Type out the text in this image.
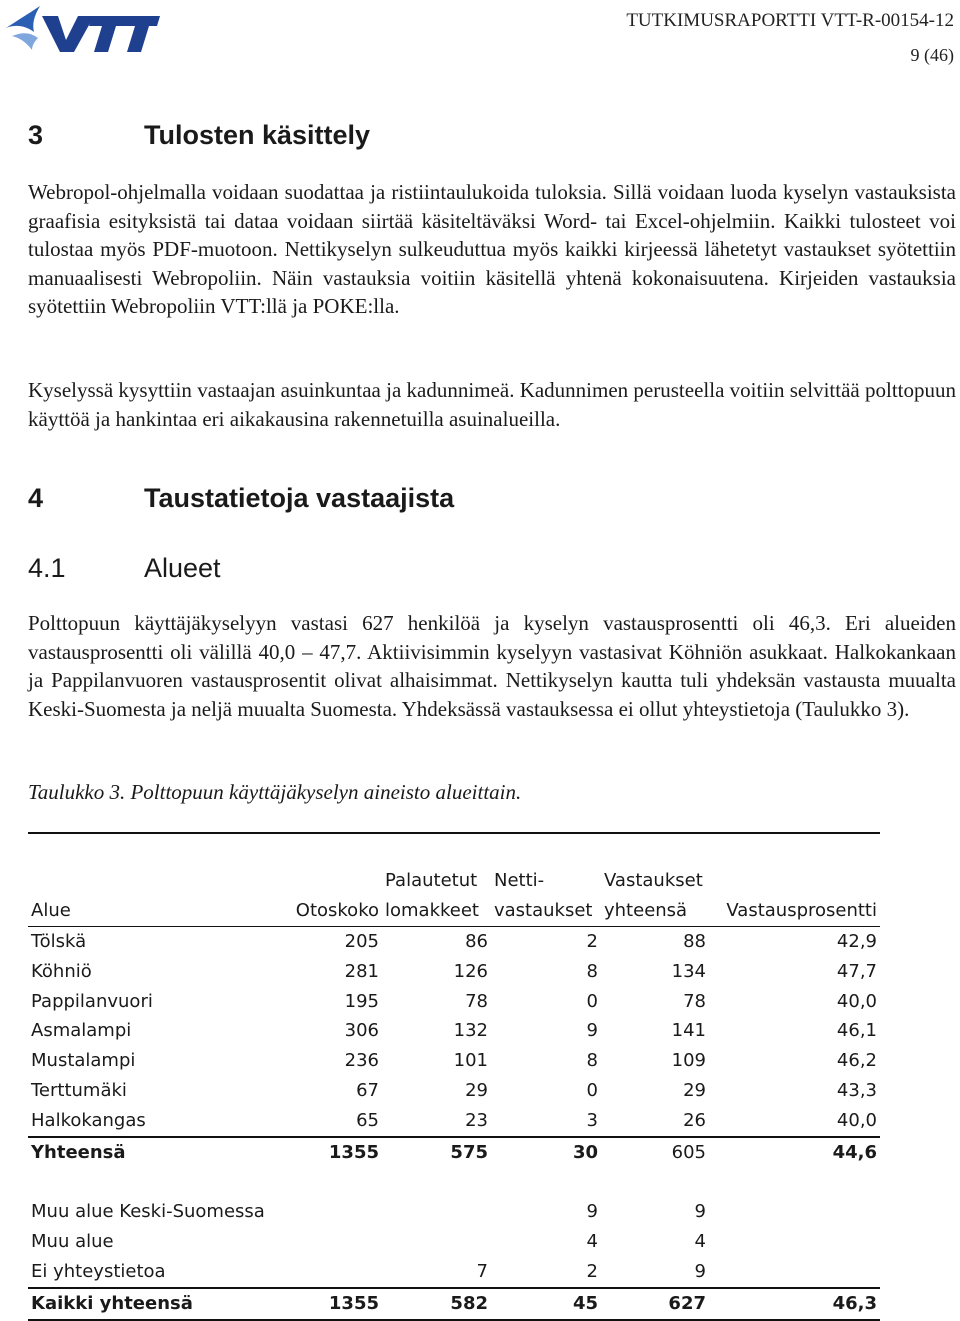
TUTKIMUSRAPORTTI VTT-R-00154-12
9 (46)
3	Tulosten käsittely

Webropol-ohjelmalla voidaan suodattaa ja ristiintaulukoida tuloksia. Sillä voidaan luoda kyselyn vastauksista graafisia esityksistä tai dataa voidaan siirtää käsiteltäväksi Word- tai Excel-ohjelmiin. Kaikki tulosteet voi tulostaa myös PDF-muotoon. Nettikyselyn sulkeuduttua myös kaikki kirjeessä lähetetyt vastaukset syötettiin manuaalisesti Webropoliin. Näin vastauksia voitiin käsitellä yhtenä kokonaisuutena. Kirjeiden vastauksia syötettiin Webropoliin VTT:llä ja POKE:lla.

Kyselyssä kysyttiin vastaajan asuinkuntaa ja kadunnimeä. Kadunnimen perusteella voitiin selvittää polttopuun käyttöä ja hankintaa eri aikakausina rakennetuilla asuinalueilla.

4	Taustatietoja vastaajista
4.1	Alueet

Polttopuun käyttäjäkyselyyn vastasi 627 henkilöä ja kyselyn vastausprosentti oli 46,3. Eri alueiden vastausprosentti oli välillä 40,0 – 47,7. Aktiivisimmin kyselyyn vastasivat Köhniön asukkaat. Halkokankaan ja Pappilanvuoren vastausprosentit olivat alhaisimmat. Nettikyselyn kautta tuli yhdeksän vastausta muualta Keski-Suomesta ja neljä muualta Suomesta. Yhdeksässä vastauksessa ei ollut yhteystietoja (Taulukko 3).

Taulukko 3. Polttopuun käyttäjäkyselyn aineisto alueittain.

		Palautetut	Netti-	Vastaukset	
Alue	Otoskoko	lomakkeet	vastaukset	yhteensä	Vastausprosentti
Tölskä	205	86	2	88	42,9
Köhniö	281	126	8	134	47,7
Pappilanvuori	195	78	0	78	40,0
Asmalampi	306	132	9	141	46,1
Mustalampi	236	101	8	109	46,2
Terttumäki	67	29	0	29	43,3
Halkokangas	65	23	3	26	40,0
Yhteensä	1355	575	30	605	44,6

Muu alue Keski-Suomessa			9	9	
Muu alue			4	4	
Ei yhteystietoa		7	2	9	
Kaikki yhteensä	1355	582	45	627	46,3
